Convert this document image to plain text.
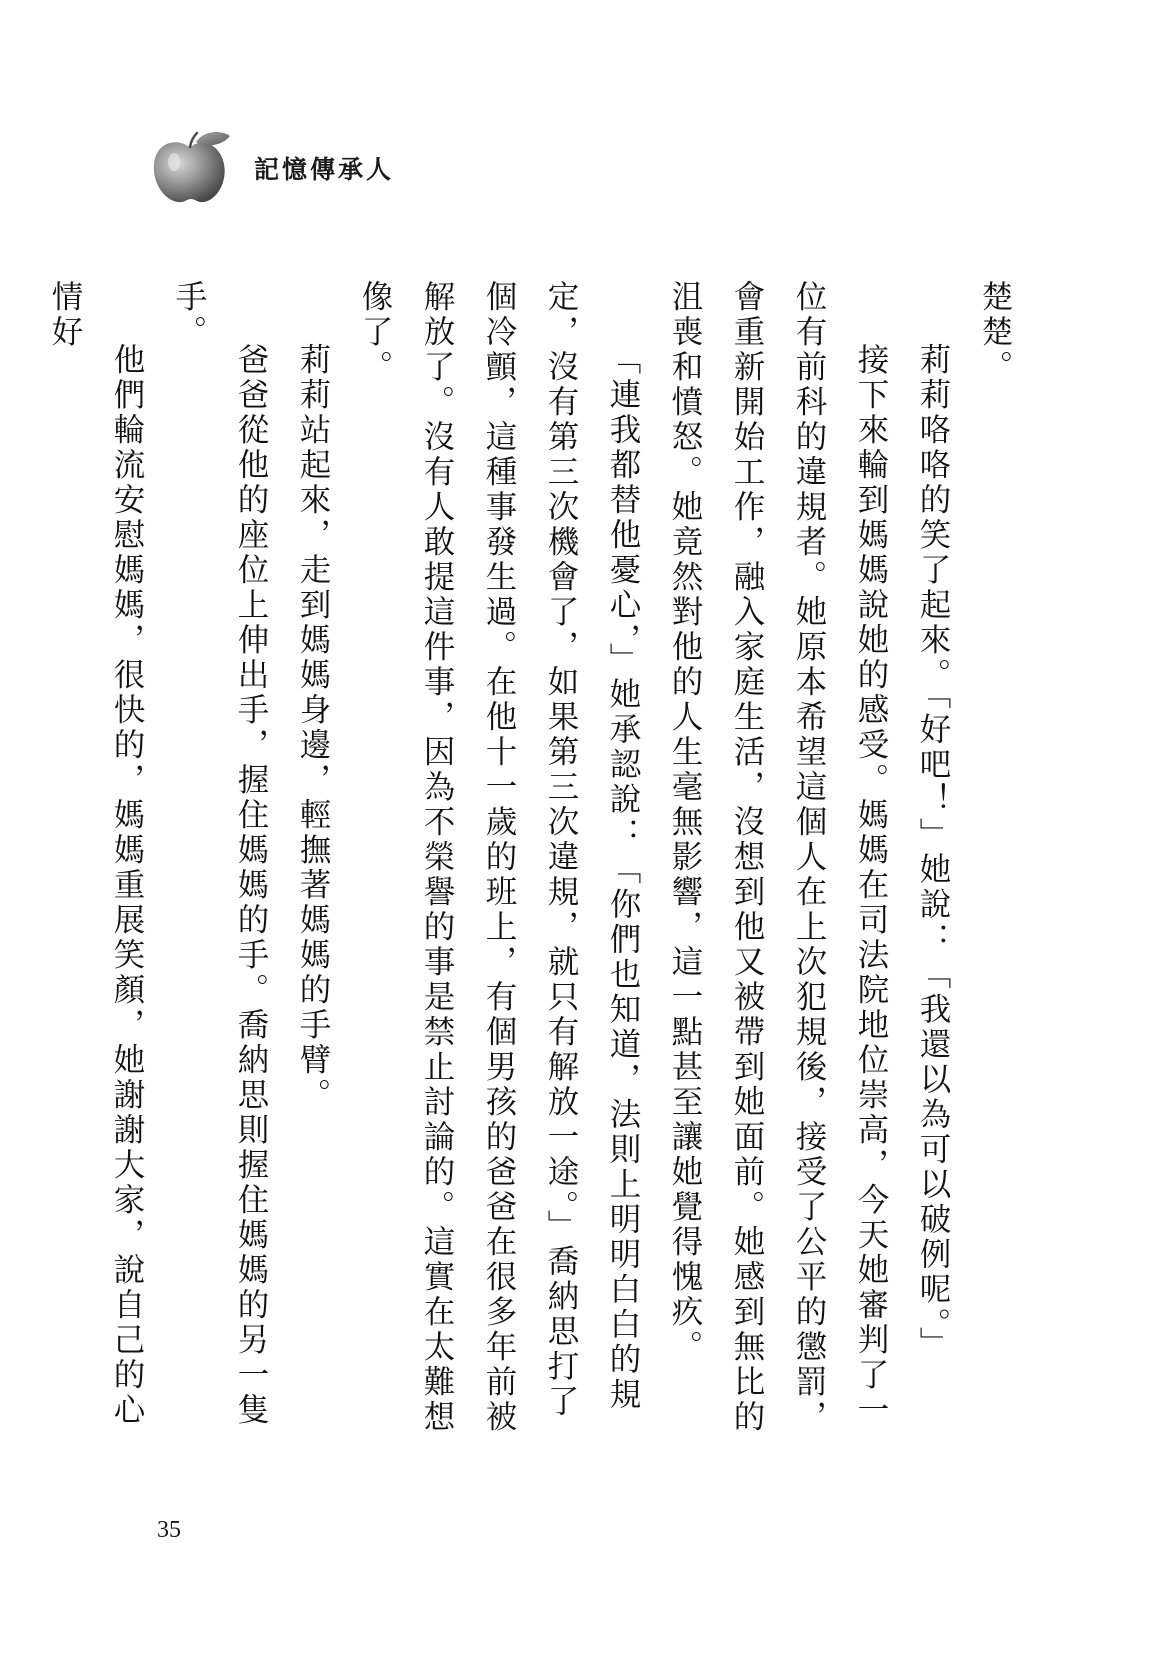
記憶傳承人

楚楚。

莉莉咯咯的笑了起來。「好吧！」她說：「我還以為可以破例呢。」

接下來輪到媽媽說她的感受。媽媽在司法院地位崇高，今天她審判了一位有前科的違規者。她原本希望這個人在上次犯規後，接受了公平的懲罰，會重新開始工作，融入家庭生活，沒想到他又被帶到她面前。她感到無比的沮喪和憤怒。她竟然對他的人生毫無影響，這一點甚至讓她覺得愧疚。

「連我都替他憂心，」她承認說：「你們也知道，法則上明明白白的規定，沒有第三次機會了，如果第三次違規，就只有解放一途。」喬納思打了個冷顫，這種事發生過。在他十一歲的班上，有個男孩的爸爸在很多年前被解放了。沒有人敢提這件事，因為不榮譽的事是禁止討論的。這實在太難想像了。

莉莉站起來，走到媽媽身邊，輕撫著媽媽的手臂。

爸爸從他的座位上伸出手，握住媽媽的手。喬納思則握住媽媽的另一隻手。

他們輪流安慰媽媽，很快的，媽媽重展笑顏，她謝謝大家，說自己的心情好

35
